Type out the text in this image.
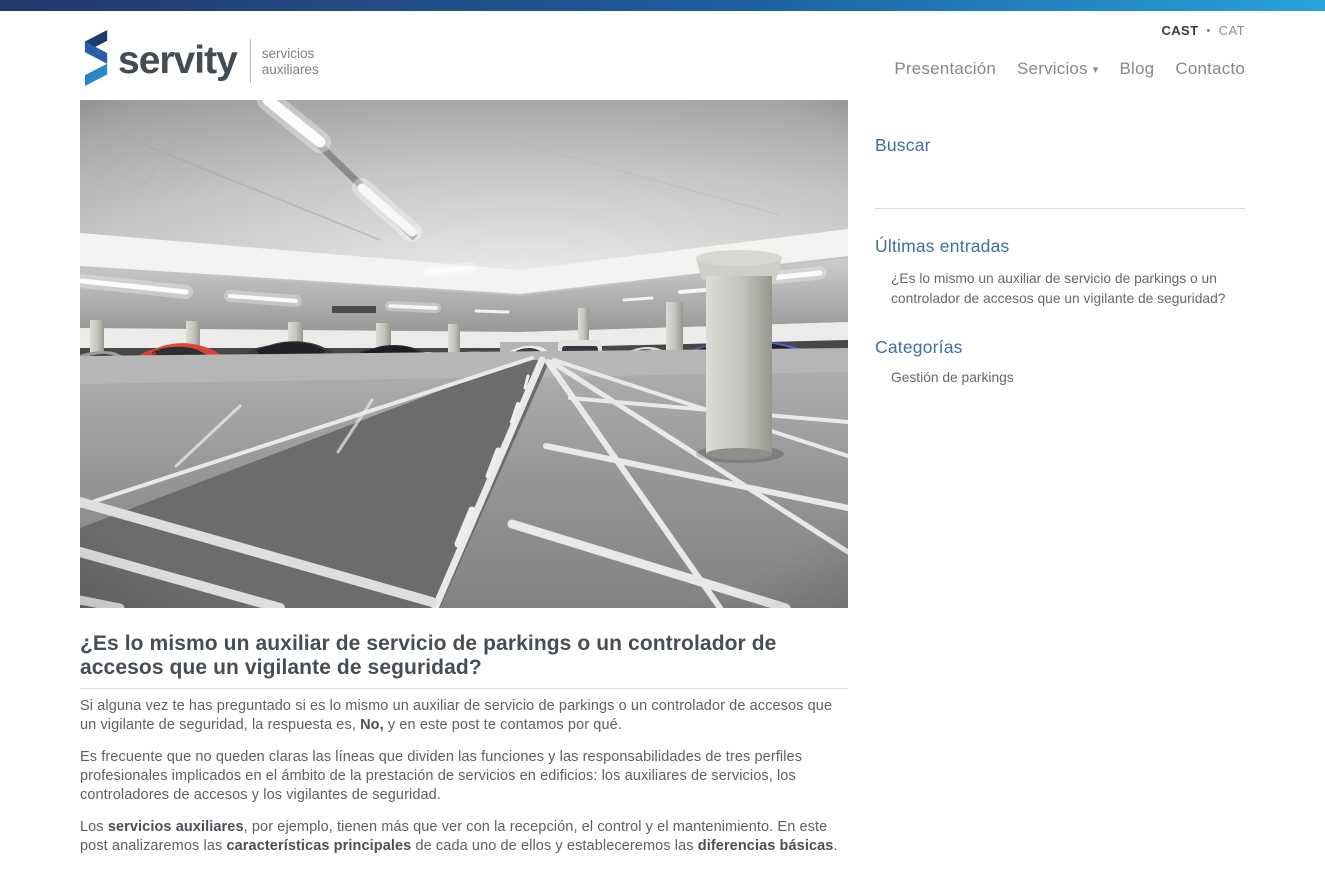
servity servicios
auxiliares
CAST • CAT
Presentación Servicios ▾ Blog Contacto
¿Es lo mismo un auxiliar de servicio de parkings o un controlador de accesos que un vigilante de seguridad?

Si alguna vez te has preguntado si es lo mismo un auxiliar de servicio de parkings o un controlador de accesos que un vigilante de seguridad, la respuesta es, No, y en este post te contamos por qué.

Es frecuente que no queden claras las líneas que dividen las funciones y las responsabilidades de tres perfiles profesionales implicados en el ámbito de la prestación de servicios en edificios: los auxiliares de servicios, los controladores de accesos y los vigilantes de seguridad.

Los servicios auxiliares, por ejemplo, tienen más que ver con la recepción, el control y el mantenimiento. En este post analizaremos las características principales de cada uno de ellos y estableceremos las diferencias básicas.

Buscar
Últimas entradas
¿Es lo mismo un auxiliar de servicio de parkings o un controlador de accesos que un vigilante de seguridad?
Categorías
Gestión de parkings
